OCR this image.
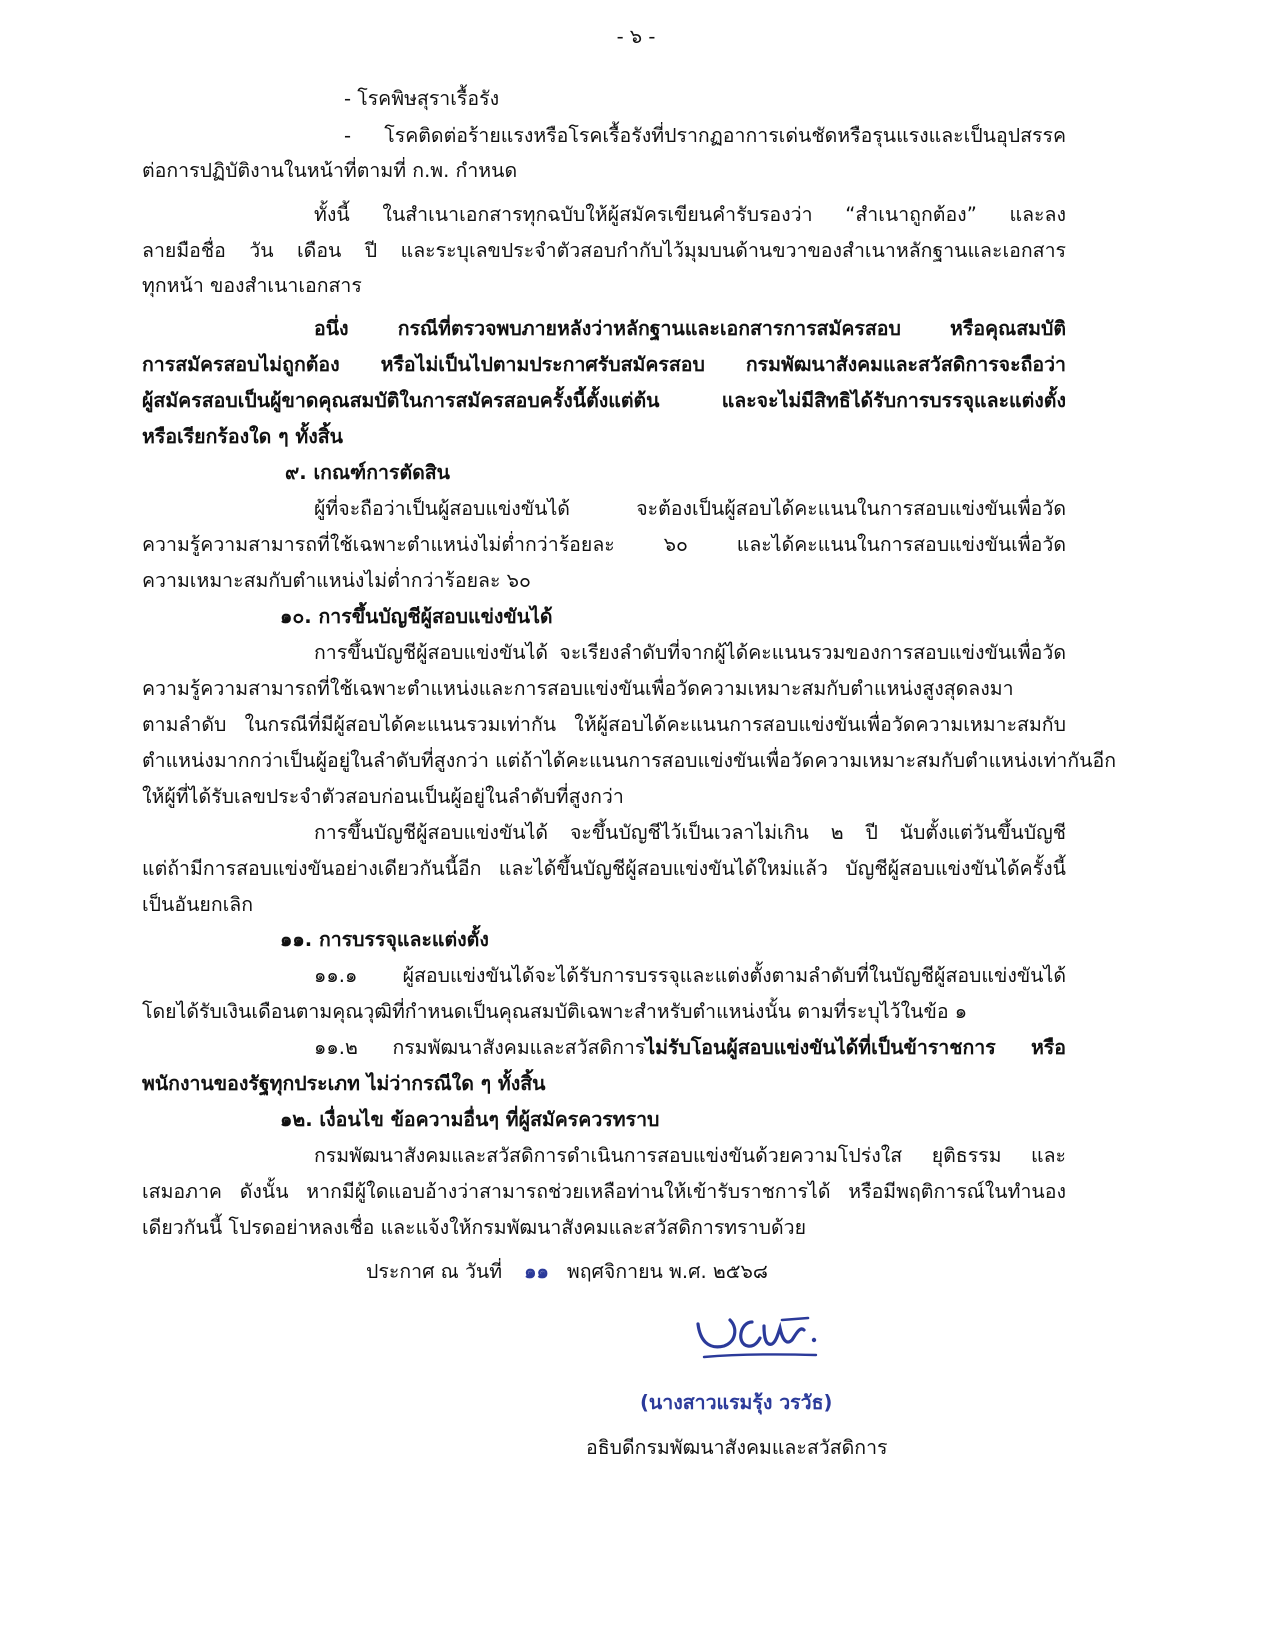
- ๖ -
- โรคพิษสุราเรื้อรัง
- โรคติดต่อร้ายแรงหรือโรคเรื้อรังที่ปรากฏอาการเด่นชัดหรือรุนแรงและเป็นอุปสรรค
ต่อการปฏิบัติงานในหน้าที่ตามที่ ก.พ. กำหนด
ทั้งนี้ ในสำเนาเอกสารทุกฉบับให้ผู้สมัครเขียนคำรับรองว่า “สำเนาถูกต้อง” และลง
ลายมือชื่อ วัน เดือน ปี และระบุเลขประจำตัวสอบกำกับไว้มุมบนด้านขวาของสำเนาหลักฐานและเอกสาร
ทุกหน้า ของสำเนาเอกสาร
อนึ่ง กรณีที่ตรวจพบภายหลังว่าหลักฐานและเอกสารการสมัครสอบ หรือคุณสมบัติ
การสมัครสอบไม่ถูกต้อง หรือไม่เป็นไปตามประกาศรับสมัครสอบ กรมพัฒนาสังคมและสวัสดิการจะถือว่า
ผู้สมัครสอบเป็นผู้ขาดคุณสมบัติในการสมัครสอบครั้งนี้ตั้งแต่ต้น และจะไม่มีสิทธิได้รับการบรรจุและแต่งตั้ง
หรือเรียกร้องใด ๆ ทั้งสิ้น
๙. เกณฑ์การตัดสิน
ผู้ที่จะถือว่าเป็นผู้สอบแข่งขันได้ จะต้องเป็นผู้สอบได้คะแนนในการสอบแข่งขันเพื่อวัด
ความรู้ความสามารถที่ใช้เฉพาะตำแหน่งไม่ต่ำกว่าร้อยละ ๖๐ และได้คะแนนในการสอบแข่งขันเพื่อวัด
ความเหมาะสมกับตำแหน่งไม่ต่ำกว่าร้อยละ ๖๐
๑๐. การขึ้นบัญชีผู้สอบแข่งขันได้
การขึ้นบัญชีผู้สอบแข่งขันได้ จะเรียงลำดับที่จากผู้ได้คะแนนรวมของการสอบแข่งขันเพื่อวัด
ความรู้ความสามารถที่ใช้เฉพาะตำแหน่งและการสอบแข่งขันเพื่อวัดความเหมาะสมกับตำแหน่งสูงสุดลงมา
ตามลำดับ ในกรณีที่มีผู้สอบได้คะแนนรวมเท่ากัน ให้ผู้สอบได้คะแนนการสอบแข่งขันเพื่อวัดความเหมาะสมกับ
ตำแหน่งมากกว่าเป็นผู้อยู่ในลำดับที่สูงกว่า แต่ถ้าได้คะแนนการสอบแข่งขันเพื่อวัดความเหมาะสมกับตำแหน่งเท่ากันอีก
ให้ผู้ที่ได้รับเลขประจำตัวสอบก่อนเป็นผู้อยู่ในลำดับที่สูงกว่า
การขึ้นบัญชีผู้สอบแข่งขันได้ จะขึ้นบัญชีไว้เป็นเวลาไม่เกิน ๒ ปี นับตั้งแต่วันขึ้นบัญชี
แต่ถ้ามีการสอบแข่งขันอย่างเดียวกันนี้อีก และได้ขึ้นบัญชีผู้สอบแข่งขันได้ใหม่แล้ว บัญชีผู้สอบแข่งขันได้ครั้งนี้
เป็นอันยกเลิก
๑๑. การบรรจุและแต่งตั้ง
๑๑.๑ ผู้สอบแข่งขันได้จะได้รับการบรรจุและแต่งตั้งตามลำดับที่ในบัญชีผู้สอบแข่งขันได้
โดยได้รับเงินเดือนตามคุณวุฒิที่กำหนดเป็นคุณสมบัติเฉพาะสำหรับตำแหน่งนั้น ตามที่ระบุไว้ในข้อ ๑
๑๑.๒ กรมพัฒนาสังคมและสวัสดิการไม่รับโอนผู้สอบแข่งขันได้ที่เป็นข้าราชการ หรือ
พนักงานของรัฐทุกประเภท ไม่ว่ากรณีใด ๆ ทั้งสิ้น
๑๒. เงื่อนไข ข้อความอื่นๆ ที่ผู้สมัครควรทราบ
กรมพัฒนาสังคมและสวัสดิการดำเนินการสอบแข่งขันด้วยความโปร่งใส ยุติธรรม และ
เสมอภาค ดังนั้น หากมีผู้ใดแอบอ้างว่าสามารถช่วยเหลือท่านให้เข้ารับราชการได้ หรือมีพฤติการณ์ในทำนอง
เดียวกันนี้ โปรดอย่าหลงเชื่อ และแจ้งให้กรมพัฒนาสังคมและสวัสดิการทราบด้วย
ประกาศ ณ วันที่ ๑๑ พฤศจิกายน พ.ศ. ๒๕๖๘
(นางสาวแรมรุ้ง วรวัธ)
อธิบดีกรมพัฒนาสังคมและสวัสดิการ
